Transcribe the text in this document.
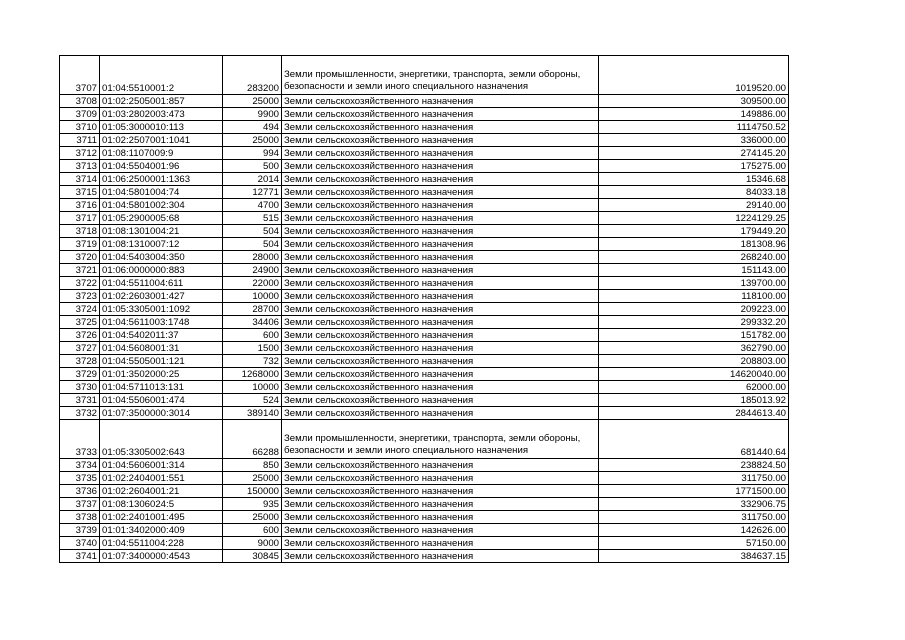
3707	01:04:5510001:2	283200	Земли промышленности, энергетики, транспорта, земли обороны, безопасности и земли иного специального назначения	1019520.00
3708	01:02:2505001:857	25000	Земли сельскохозяйственного назначения	309500.00
3709	01:03:2802003:473	9900	Земли сельскохозяйственного назначения	149886.00
3710	01:05:3000010:113	494	Земли сельскохозяйственного назначения	1114750.52
3711	01:02:2507001:1041	25000	Земли сельскохозяйственного назначения	336000.00
3712	01:08:1107009:9	994	Земли сельскохозяйственного назначения	274145.20
3713	01:04:5504001:96	500	Земли сельскохозяйственного назначения	175275.00
3714	01:06:2500001:1363	2014	Земли сельскохозяйственного назначения	15346.68
3715	01:04:5801004:74	12771	Земли сельскохозяйственного назначения	84033.18
3716	01:04:5801002:304	4700	Земли сельскохозяйственного назначения	29140.00
3717	01:05:2900005:68	515	Земли сельскохозяйственного назначения	1224129.25
3718	01:08:1301004:21	504	Земли сельскохозяйственного назначения	179449.20
3719	01:08:1310007:12	504	Земли сельскохозяйственного назначения	181308.96
3720	01:04:5403004:350	28000	Земли сельскохозяйственного назначения	268240.00
3721	01:06:0000000:883	24900	Земли сельскохозяйственного назначения	151143.00
3722	01:04:5511004:611	22000	Земли сельскохозяйственного назначения	139700.00
3723	01:02:2603001:427	10000	Земли сельскохозяйственного назначения	118100.00
3724	01:05:3305001:1092	28700	Земли сельскохозяйственного назначения	209223.00
3725	01:04:5611003:1748	34406	Земли сельскохозяйственного назначения	299332.20
3726	01:04:5402011:37	600	Земли сельскохозяйственного назначения	151782.00
3727	01:04:5608001:31	1500	Земли сельскохозяйственного назначения	362790.00
3728	01:04:5505001:121	732	Земли сельскохозяйственного назначения	208803.00
3729	01:01:3502000:25	1268000	Земли сельскохозяйственного назначения	14620040.00
3730	01:04:5711013:131	10000	Земли сельскохозяйственного назначения	62000.00
3731	01:04:5506001:474	524	Земли сельскохозяйственного назначения	185013.92
3732	01:07:3500000:3014	389140	Земли сельскохозяйственного назначения	2844613.40
3733	01:05:3305002:643	66288	Земли промышленности, энергетики, транспорта, земли обороны, безопасности и земли иного специального назначения	681440.64
3734	01:04:5606001:314	850	Земли сельскохозяйственного назначения	238824.50
3735	01:02:2404001:551	25000	Земли сельскохозяйственного назначения	311750.00
3736	01:02:2604001:21	150000	Земли сельскохозяйственного назначения	1771500.00
3737	01:08:1306024:5	935	Земли сельскохозяйственного назначения	332906.75
3738	01:02:2401001:495	25000	Земли сельскохозяйственного назначения	311750.00
3739	01:01:3402000:409	600	Земли сельскохозяйственного назначения	142626.00
3740	01:04:5511004:228	9000	Земли сельскохозяйственного назначения	57150.00
3741	01:07:3400000:4543	30845	Земли сельскохозяйственного назначения	384637.15
